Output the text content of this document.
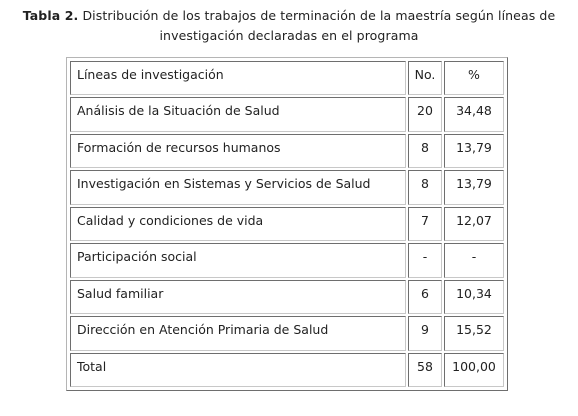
Tabla 2. Distribución de los trabajos de terminación de la maestría según líneas de investigación declaradas en el programa
Líneas de investigación	No.	%
Análisis de la Situación de Salud	20	34,48
Formación de recursos humanos	8	13,79
Investigación en Sistemas y Servicios de Salud	8	13,79
Calidad y condiciones de vida	7	12,07
Participación social	-	-
Salud familiar	6	10,34
Dirección en Atención Primaria de Salud	9	15,52
Total	58	100,00
